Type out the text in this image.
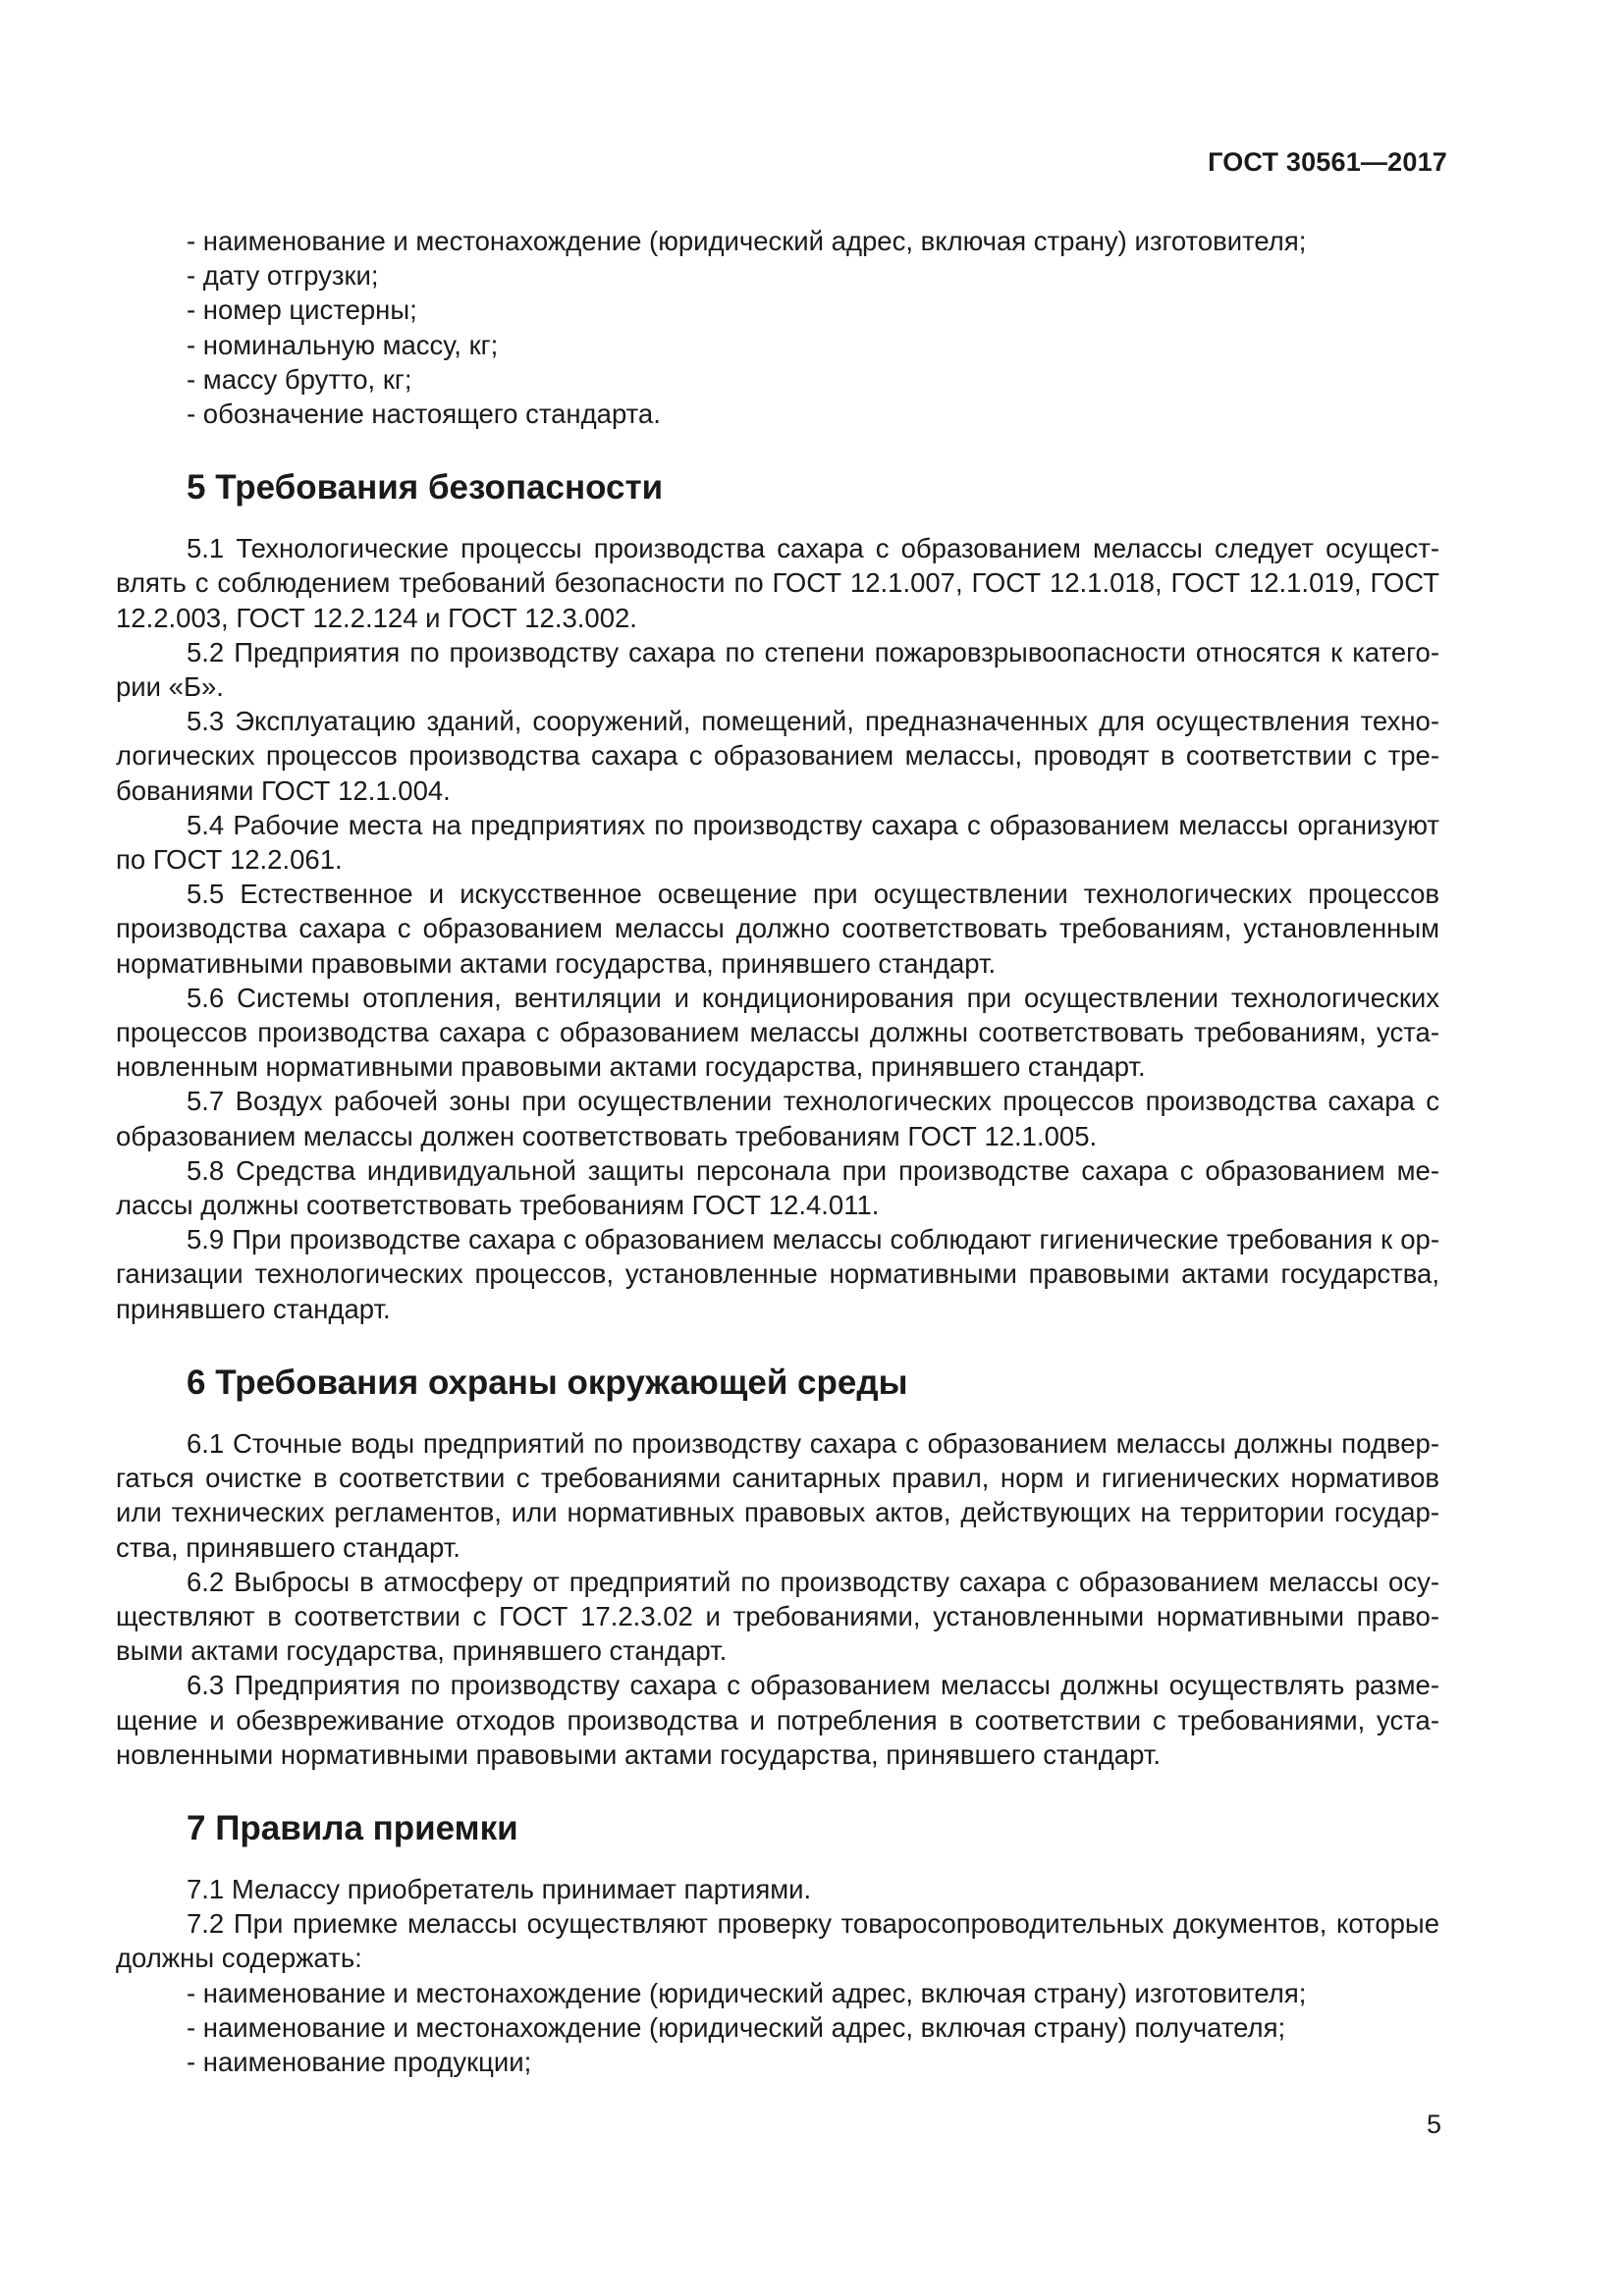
ГОСТ 30561—2017

- наименование и местонахождение (юридический адрес, включая страну) изготовителя;

- дату отгрузки;

- номер цистерны;

- номинальную массу, кг;

- массу брутто, кг;

- обозначение настоящего стандарта.

5 Требования безопасности

5.1 Технологические процессы производства сахара с образованием мелассы следует осуществлять с соблюдением требований безопасности по ГОСТ 12.1.007, ГОСТ 12.1.018, ГОСТ 12.1.019, ГОСТ 12.2.003, ГОСТ 12.2.124 и ГОСТ 12.3.002.

5.2 Предприятия по производству сахара по степени пожаровзрывоопасности относятся к категории «Б».

5.3 Эксплуатацию зданий, сооружений, помещений, предназначенных для осуществления технологических процессов производства сахара с образованием мелассы, проводят в соответствии с требованиями ГОСТ 12.1.004.

5.4 Рабочие места на предприятиях по производству сахара с образованием мелассы организуют по ГОСТ 12.2.061.

5.5 Естественное и искусственное освещение при осуществлении технологических процессов производства сахара с образованием мелассы должно соответствовать требованиям, установленным нормативными правовыми актами государства, принявшего стандарт.

5.6 Системы отопления, вентиляции и кондиционирования при осуществлении технологических процессов производства сахара с образованием мелассы должны соответствовать требованиям, установленным нормативными правовыми актами государства, принявшего стандарт.

5.7 Воздух рабочей зоны при осуществлении технологических процессов производства сахара с образованием мелассы должен соответствовать требованиям ГОСТ 12.1.005.

5.8 Средства индивидуальной защиты персонала при производстве сахара с образованием мелассы должны соответствовать требованиям ГОСТ 12.4.011.

5.9 При производстве сахара с образованием мелассы соблюдают гигиенические требования к организации технологических процессов, установленные нормативными правовыми актами государства, принявшего стандарт.

6 Требования охраны окружающей среды

6.1 Сточные воды предприятий по производству сахара с образованием мелассы должны подвергаться очистке в соответствии с требованиями санитарных правил, норм и гигиенических нормативов или технических регламентов, или нормативных правовых актов, действующих на территории государства, принявшего стандарт.

6.2 Выбросы в атмосферу от предприятий по производству сахара с образованием мелассы осуществляют в соответствии с ГОСТ 17.2.3.02 и требованиями, установленными нормативными правовыми актами государства, принявшего стандарт.

6.3 Предприятия по производству сахара с образованием мелассы должны осуществлять размещение и обезвреживание отходов производства и потребления в соответствии с требованиями, установленными нормативными правовыми актами государства, принявшего стандарт.

7 Правила приемки

7.1 Мелассу приобретатель принимает партиями.

7.2 При приемке мелассы осуществляют проверку товаросопроводительных документов, которые должны содержать:

- наименование и местонахождение (юридический адрес, включая страну) изготовителя;

- наименование и местонахождение (юридический адрес, включая страну) получателя;

- наименование продукции;

5
